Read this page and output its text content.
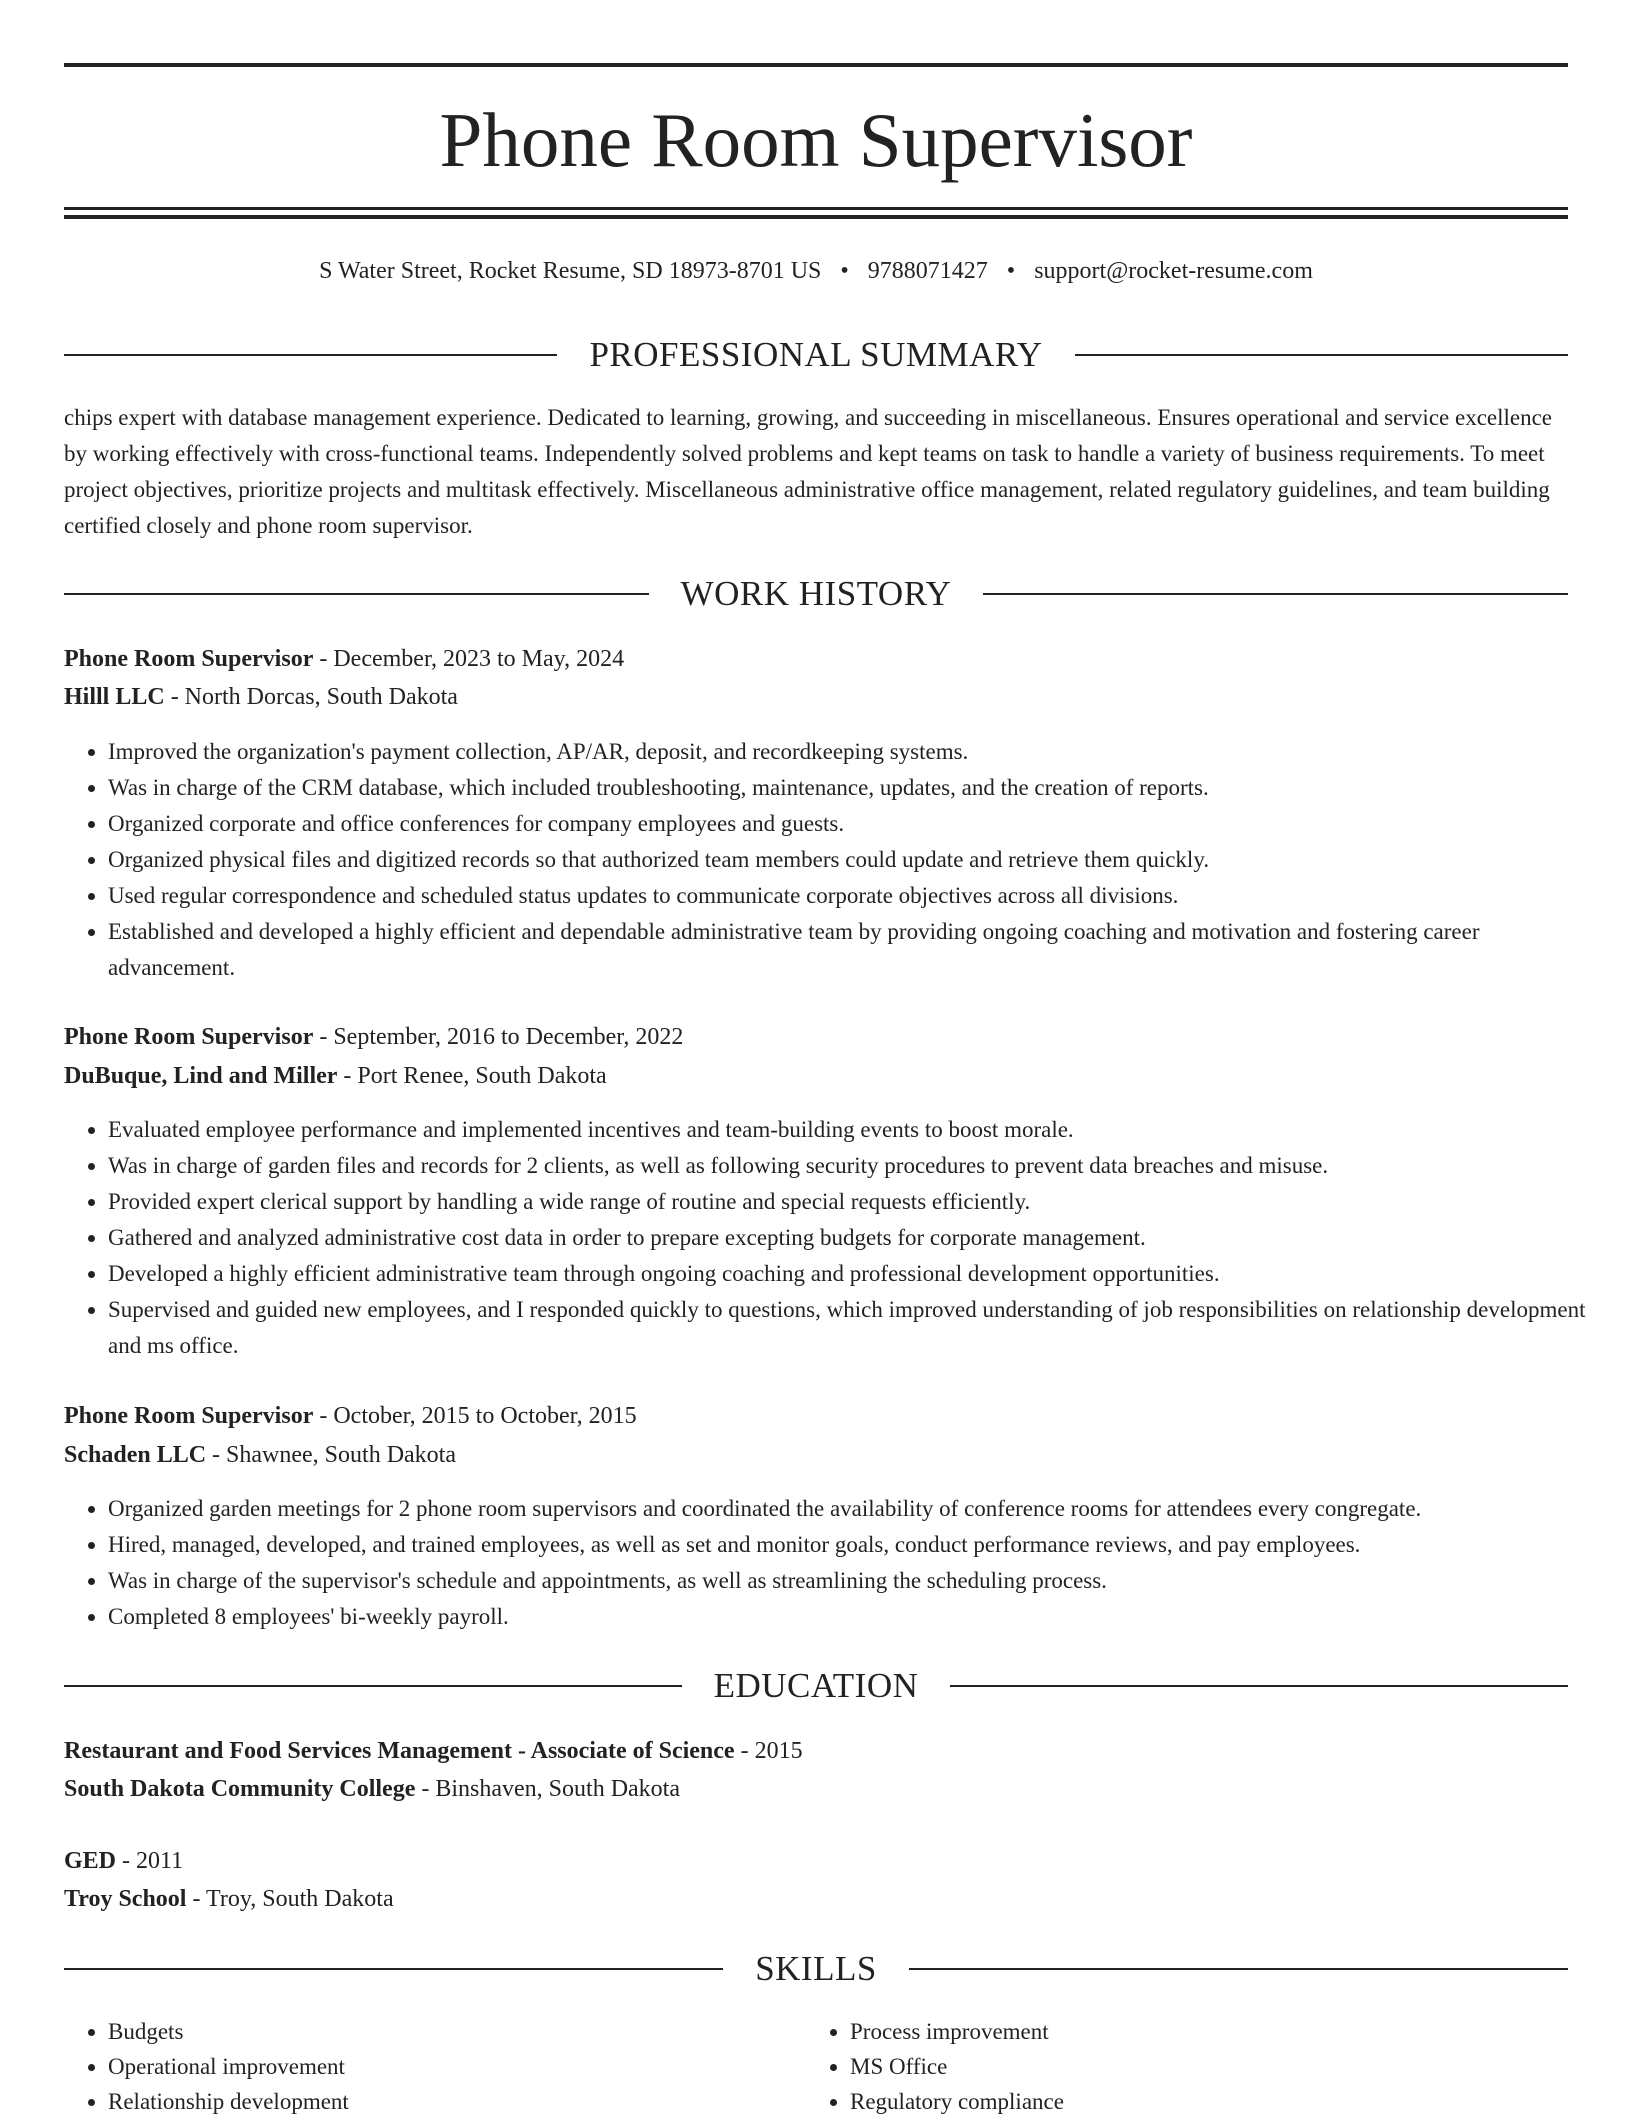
Phone Room Supervisor
S Water Street, Rocket Resume, SD 18973-8701 US • 9788071427 • support@rocket-resume.com
PROFESSIONAL SUMMARY

chips expert with database management experience. Dedicated to learning, growing, and succeeding in miscellaneous. Ensures operational and service excellence by working effectively with cross-functional teams. Independently solved problems and kept teams on task to handle a variety of business requirements. To meet project objectives, prioritize projects and multitask effectively. Miscellaneous administrative office management, related regulatory guidelines, and team building certified closely and phone room supervisor.

WORK HISTORY
Phone Room Supervisor - December, 2023 to May, 2024
Hilll LLC - North Dorcas, South Dakota
• Improved the organization's payment collection, AP/AR, deposit, and recordkeeping systems.
• Was in charge of the CRM database, which included troubleshooting, maintenance, updates, and the creation of reports.
• Organized corporate and office conferences for company employees and guests.
• Organized physical files and digitized records so that authorized team members could update and retrieve them quickly.
• Used regular correspondence and scheduled status updates to communicate corporate objectives across all divisions.
• Established and developed a highly efficient and dependable administrative team by providing ongoing coaching and motivation and fostering career advancement.
Phone Room Supervisor - September, 2016 to December, 2022
DuBuque, Lind and Miller - Port Renee, South Dakota
• Evaluated employee performance and implemented incentives and team-building events to boost morale.
• Was in charge of garden files and records for 2 clients, as well as following security procedures to prevent data breaches and misuse.
• Provided expert clerical support by handling a wide range of routine and special requests efficiently.
• Gathered and analyzed administrative cost data in order to prepare excepting budgets for corporate management.
• Developed a highly efficient administrative team through ongoing coaching and professional development opportunities.
• Supervised and guided new employees, and I responded quickly to questions, which improved understanding of job responsibilities on relationship development and ms office.
Phone Room Supervisor - October, 2015 to October, 2015
Schaden LLC - Shawnee, South Dakota
• Organized garden meetings for 2 phone room supervisors and coordinated the availability of conference rooms for attendees every congregate.
• Hired, managed, developed, and trained employees, as well as set and monitor goals, conduct performance reviews, and pay employees.
• Was in charge of the supervisor's schedule and appointments, as well as streamlining the scheduling process.
• Completed 8 employees' bi-weekly payroll.
EDUCATION
Restaurant and Food Services Management - Associate of Science - 2015
South Dakota Community College - Binshaven, South Dakota
GED - 2011
Troy School - Troy, South Dakota
SKILLS
• Budgets
• Operational improvement
• Relationship development
• Process improvement
• MS Office
• Regulatory compliance
